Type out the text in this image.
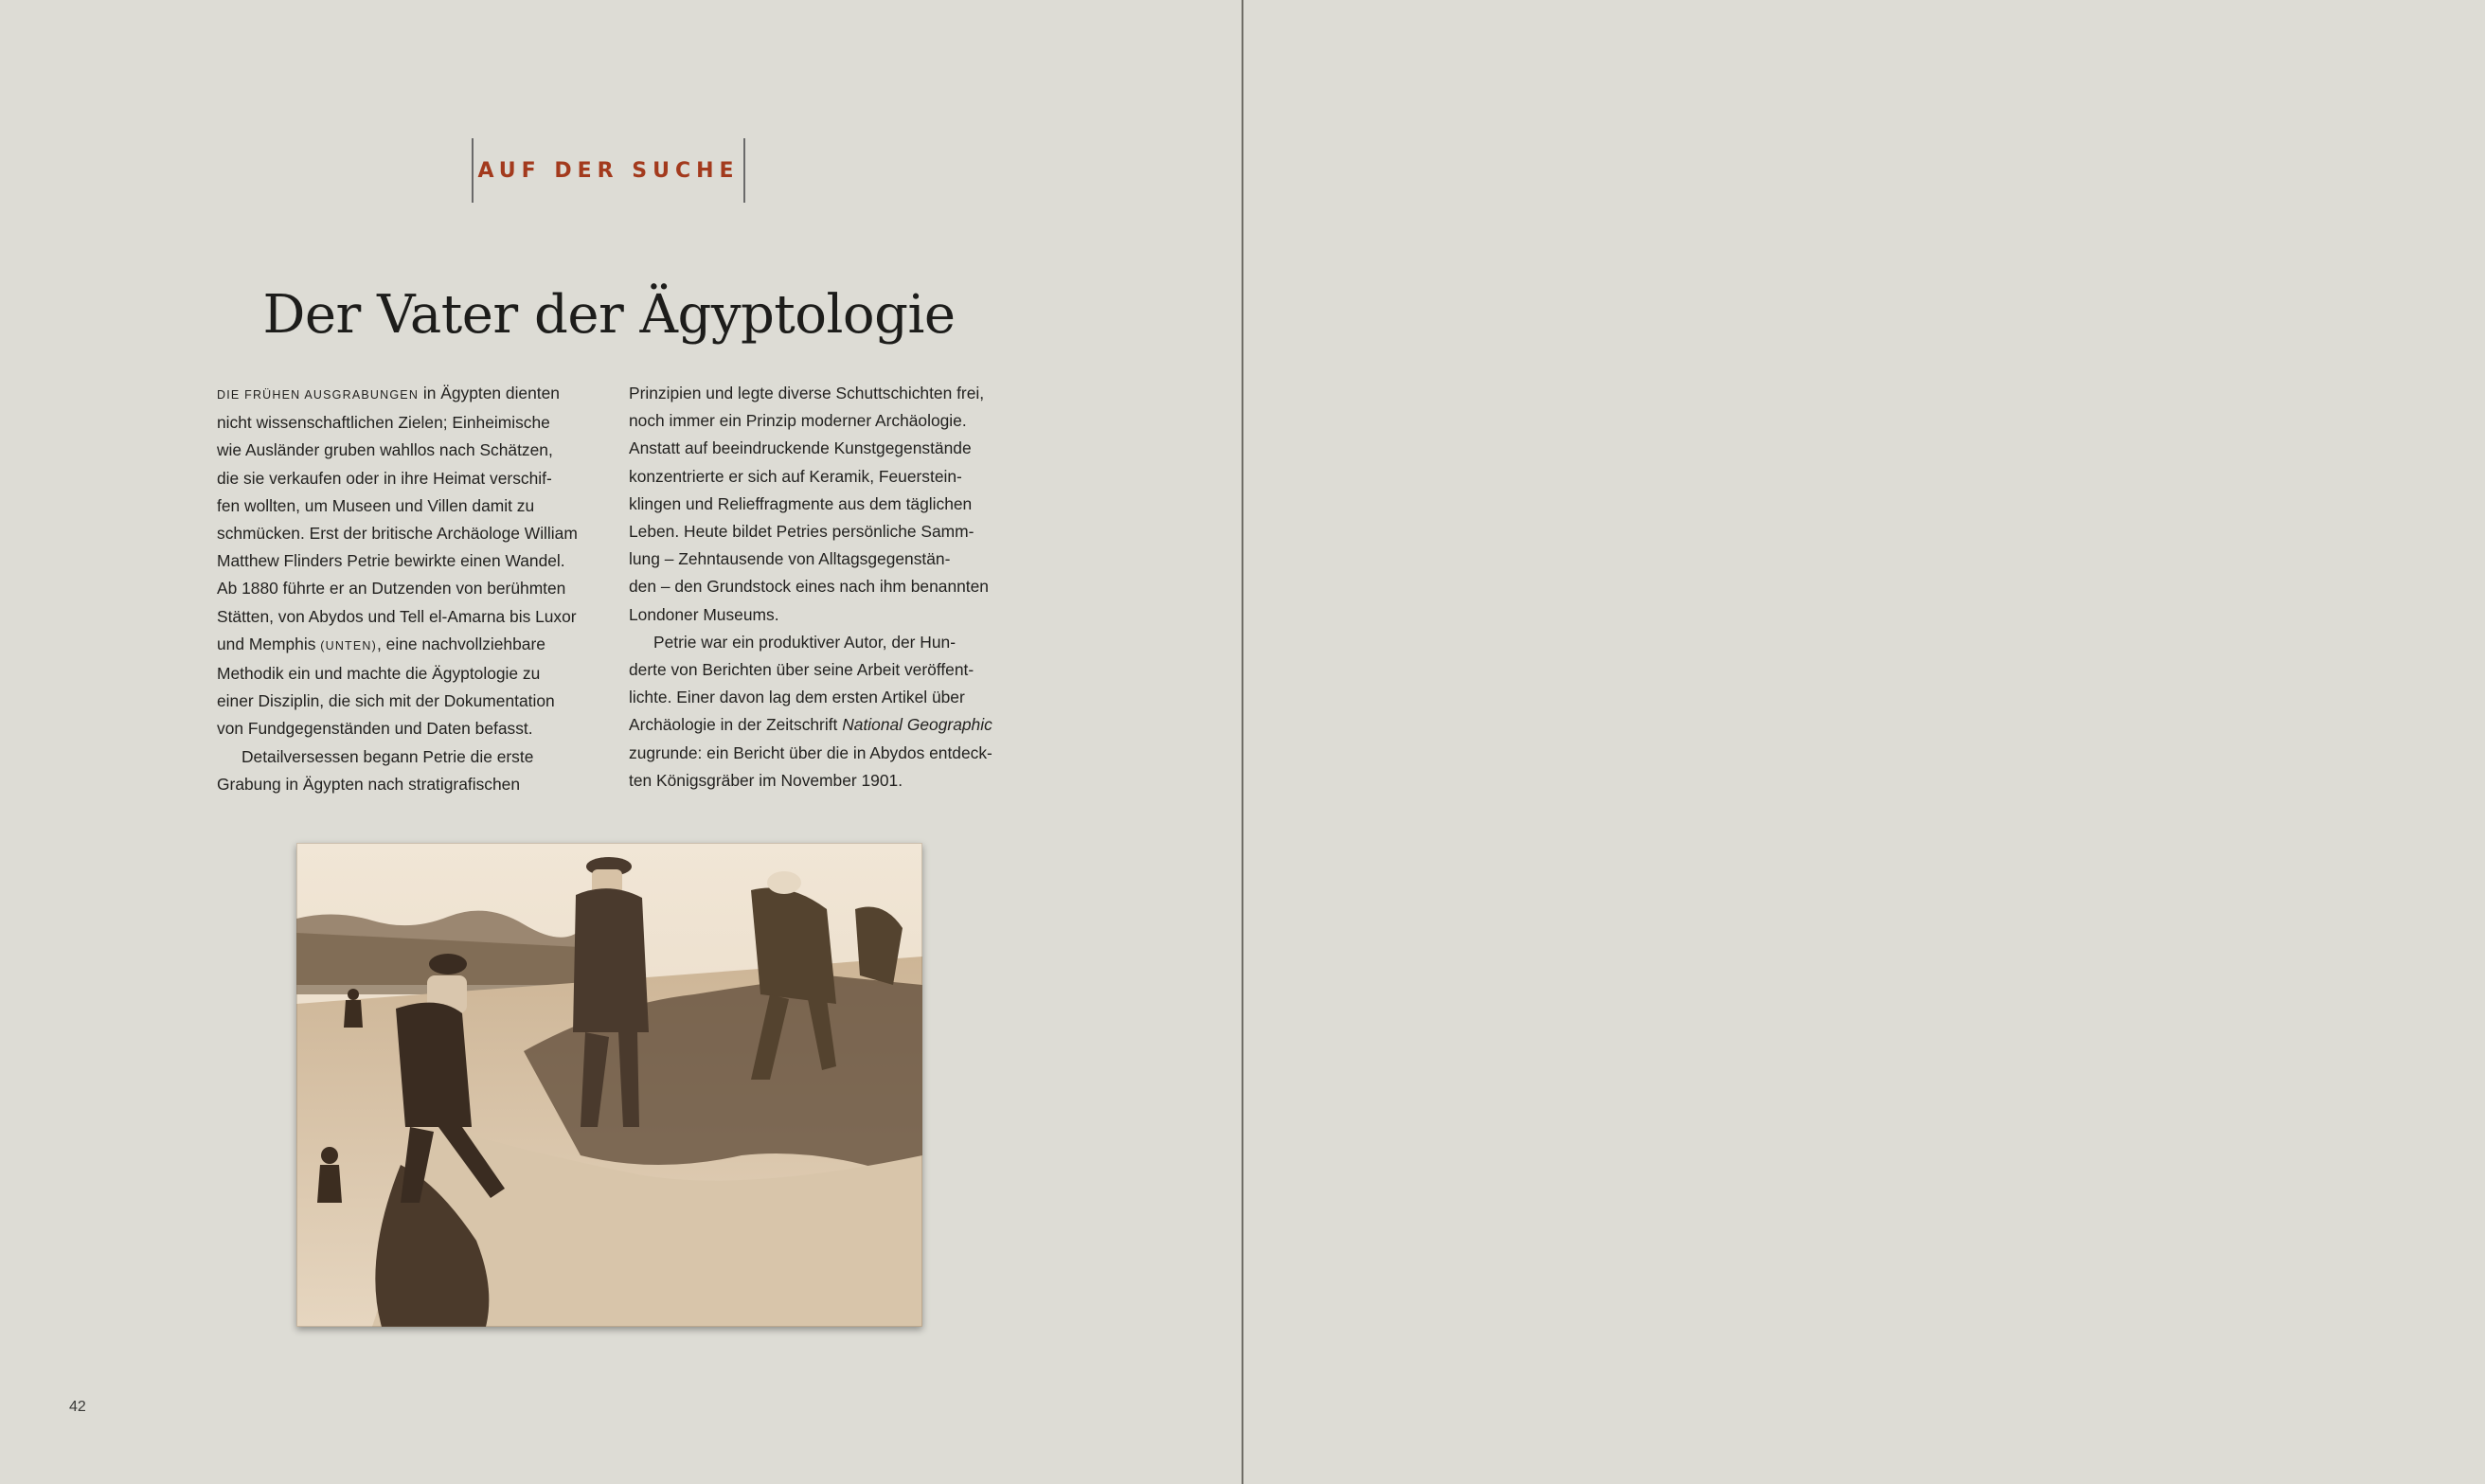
AUF DER SUCHE
Der Vater der Ägyptologie
DIE FRÜHEN AUSGRABUNGEN in Ägypten dienten
nicht wissenschaftlichen Zielen; Einheimische
wie Ausländer gruben wahllos nach Schätzen,
die sie verkaufen oder in ihre Heimat verschif-
fen wollten, um Museen und Villen damit zu
schmücken. Erst der britische Archäologe William
Matthew Flinders Petrie bewirkte einen Wandel.
Ab 1880 führte er an Dutzenden von berühmten
Stätten, von Abydos und Tell el-Amarna bis Luxor
und Memphis (UNTEN), eine nachvollziehbare
Methodik ein und machte die Ägyptologie zu
einer Disziplin, die sich mit der Dokumentation
von Fundgegenständen und Daten befasst.
Detailversessen begann Petrie die erste
Grabung in Ägypten nach stratigrafischen
Prinzipien und legte diverse Schuttschichten frei,
noch immer ein Prinzip moderner Archäologie.
Anstatt auf beeindruckende Kunstgegenstände
konzentrierte er sich auf Keramik, Feuerstein-
klingen und Relieffragmente aus dem täglichen
Leben. Heute bildet Petries persönliche Samm-
lung – Zehntausende von Alltagsgegenstän-
den – den Grundstock eines nach ihm benannten
Londoner Museums.
Petrie war ein produktiver Autor, der Hun-
derte von Berichten über seine Arbeit veröffent-
lichte. Einer davon lag dem ersten Artikel über
Archäologie in der Zeitschrift National Geographic
zugrunde: ein Bericht über die in Abydos entdeck-
ten Königsgräber im November 1901.
42
